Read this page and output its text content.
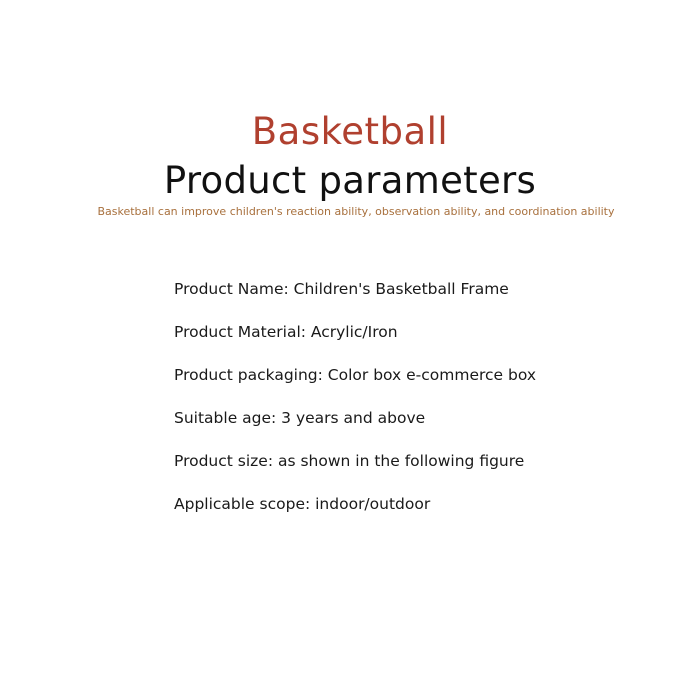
Basketball
Product parameters
Basketball can improve children's reaction ability, observation ability, and coordination ability
Product Name: Children's Basketball Frame
Product Material: Acrylic/Iron
Product packaging: Color box e-commerce box
Suitable age: 3 years and above
Product size: as shown in the following figure
Applicable scope: indoor/outdoor
